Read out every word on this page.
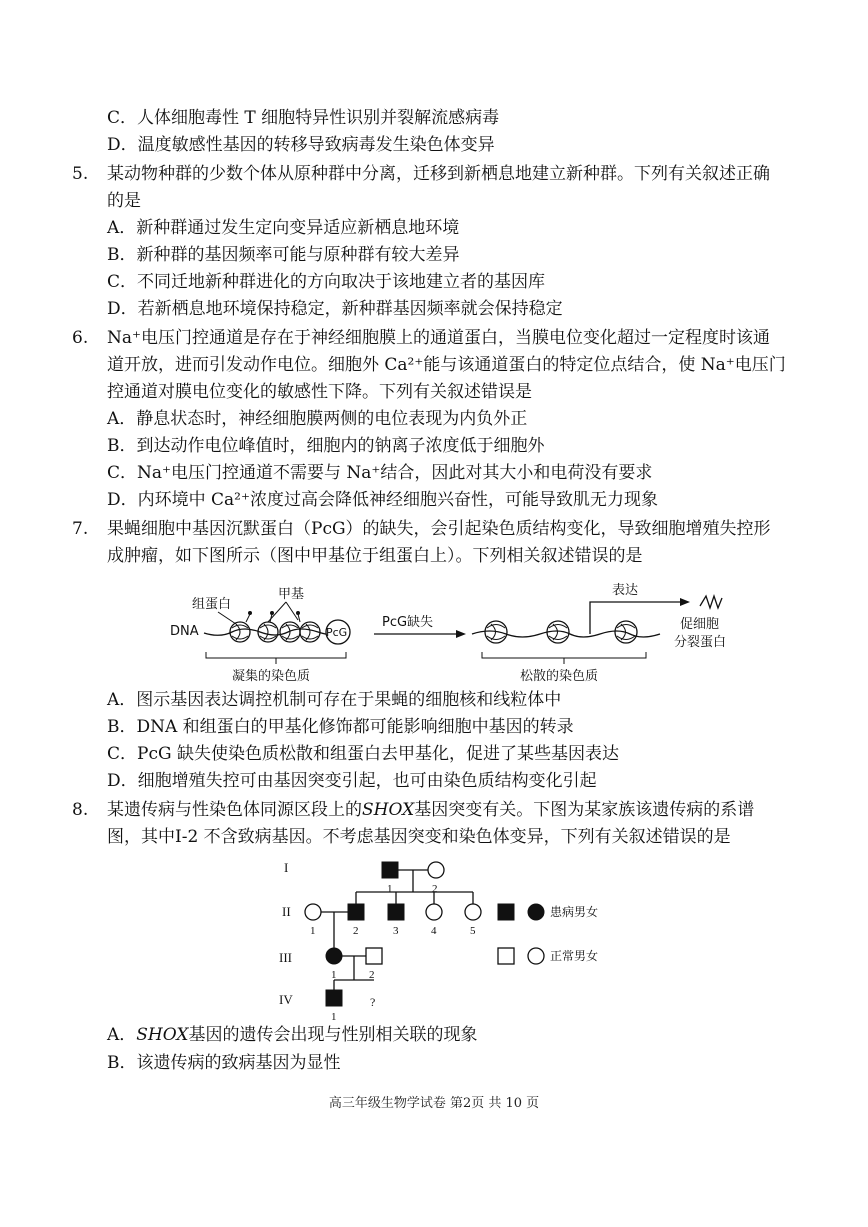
C．人体细胞毒性 T 细胞特异性识别并裂解流感病毒
D．温度敏感性基因的转移导致病毒发生染色体变异
5. 某动物种群的少数个体从原种群中分离，迁移到新栖息地建立新种群。下列有关叙述正确
的是
A．新种群通过发生定向变异适应新栖息地环境
B．新种群的基因频率可能与原种群有较大差异
C．不同迁地新种群进化的方向取决于该地建立者的基因库
D．若新栖息地环境保持稳定，新种群基因频率就会保持稳定
6. Na⁺电压门控通道是存在于神经细胞膜上的通道蛋白，当膜电位变化超过一定程度时该通
道开放，进而引发动作电位。细胞外 Ca²⁺能与该通道蛋白的特定位点结合，使 Na⁺电压门
控通道对膜电位变化的敏感性下降。下列有关叙述错误是
A．静息状态时，神经细胞膜两侧的电位表现为内负外正
B．到达动作电位峰值时，细胞内的钠离子浓度低于细胞外
C．Na⁺电压门控通道不需要与 Na⁺结合，因此对其大小和电荷没有要求
D．内环境中 Ca²⁺浓度过高会降低神经细胞兴奋性，可能导致肌无力现象
7. 果蝇细胞中基因沉默蛋白（PcG）的缺失，会引起染色质结构变化，导致细胞增殖失控形
成肿瘤，如下图所示（图中甲基位于组蛋白上）。下列相关叙述错误的是
组蛋白
甲基
DNA	PcG
凝集的染色质
PcG缺失
表达
促细胞
分裂蛋白
松散的染色质
A．图示基因表达调控机制可存在于果蝇的细胞核和线粒体中
B．DNA 和组蛋白的甲基化修饰都可能影响细胞中基因的转录
C．PcG 缺失使染色质松散和组蛋白去甲基化，促进了某些基因表达
D．细胞增殖失控可由基因突变引起，也可由染色质结构变化引起
8. 某遗传病与性染色体同源区段上的SHOX基因突变有关。下图为某家族该遗传病的系谱
图，其中Ⅰ-2 不含致病基因。不考虑基因突变和染色体变异，下列有关叙述错误的是
I
II
III
IV
1	2
1	2	3	4	5
1	2
1
?
患病男女
正常男女
A．SHOX基因的遗传会出现与性别相关联的现象
B．该遗传病的致病基因为显性
高三年级生物学试卷 第2页 共 10 页
